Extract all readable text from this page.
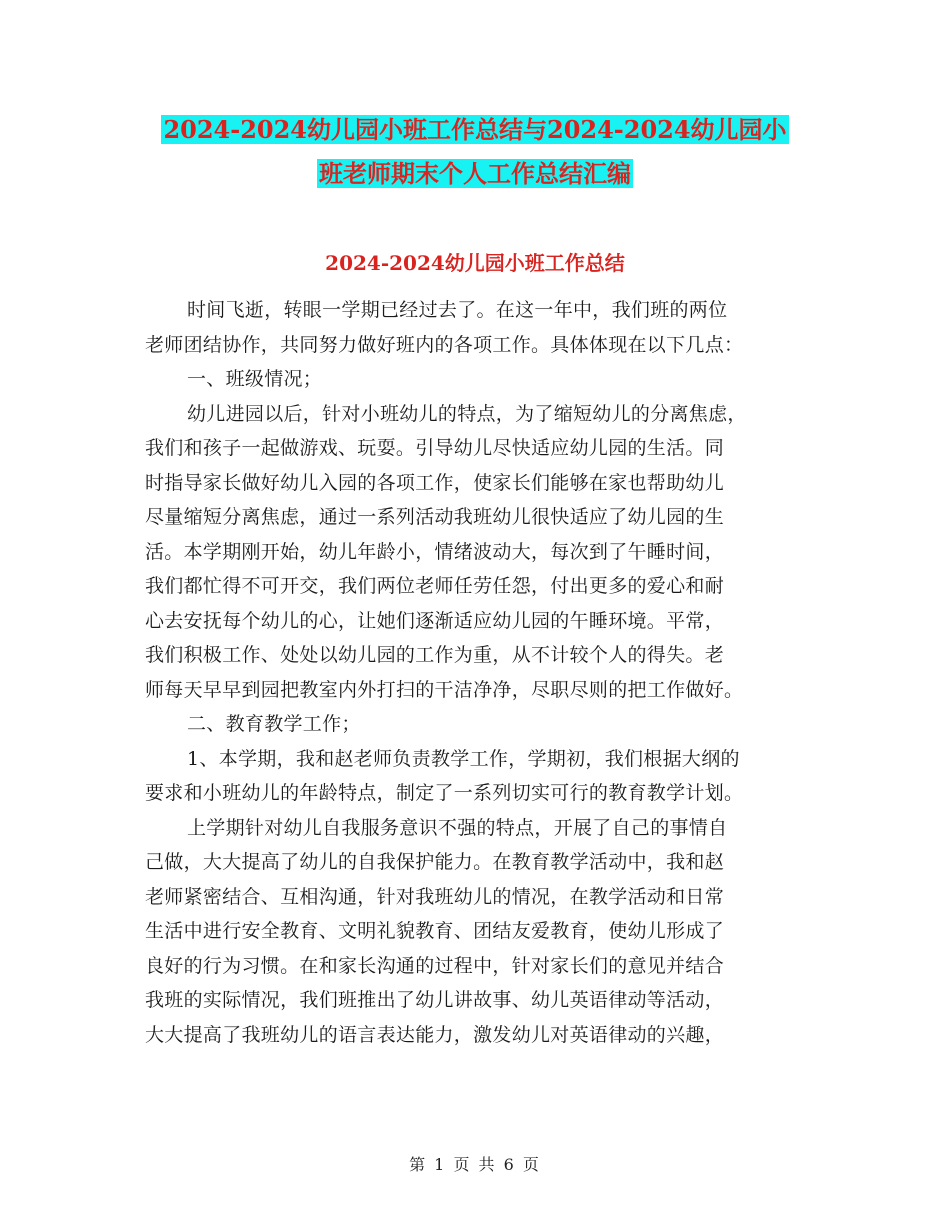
2024-2024幼儿园小班工作总结与2024-2024幼儿园小
班老师期末个人工作总结汇编
2024-2024幼儿园小班工作总结
时间飞逝，转眼一学期已经过去了。在这一年中，我们班的两位
老师团结协作，共同努力做好班内的各项工作。具体体现在以下几点：
一、班级情况；
幼儿进园以后，针对小班幼儿的特点，为了缩短幼儿的分离焦虑，
我们和孩子一起做游戏、玩耍。引导幼儿尽快适应幼儿园的生活。同
时指导家长做好幼儿入园的各项工作，使家长们能够在家也帮助幼儿
尽量缩短分离焦虑，通过一系列活动我班幼儿很快适应了幼儿园的生
活。本学期刚开始，幼儿年龄小，情绪波动大，每次到了午睡时间，
我们都忙得不可开交，我们两位老师任劳任怨，付出更多的爱心和耐
心去安抚每个幼儿的心，让她们逐渐适应幼儿园的午睡环境。平常，
我们积极工作、处处以幼儿园的工作为重，从不计较个人的得失。老
师每天早早到园把教室内外打扫的干洁净净，尽职尽则的把工作做好。
二、教育教学工作；
1、本学期，我和赵老师负责教学工作，学期初，我们根据大纲的
要求和小班幼儿的年龄特点，制定了一系列切实可行的教育教学计划。
上学期针对幼儿自我服务意识不强的特点，开展了自己的事情自
己做，大大提高了幼儿的自我保护能力。在教育教学活动中，我和赵
老师紧密结合、互相沟通，针对我班幼儿的情况，在教学活动和日常
生活中进行安全教育、文明礼貌教育、团结友爱教育，使幼儿形成了
良好的行为习惯。在和家长沟通的过程中，针对家长们的意见并结合
我班的实际情况，我们班推出了幼儿讲故事、幼儿英语律动等活动，
大大提高了我班幼儿的语言表达能力，激发幼儿对英语律动的兴趣，
第 1 页 共 6 页
